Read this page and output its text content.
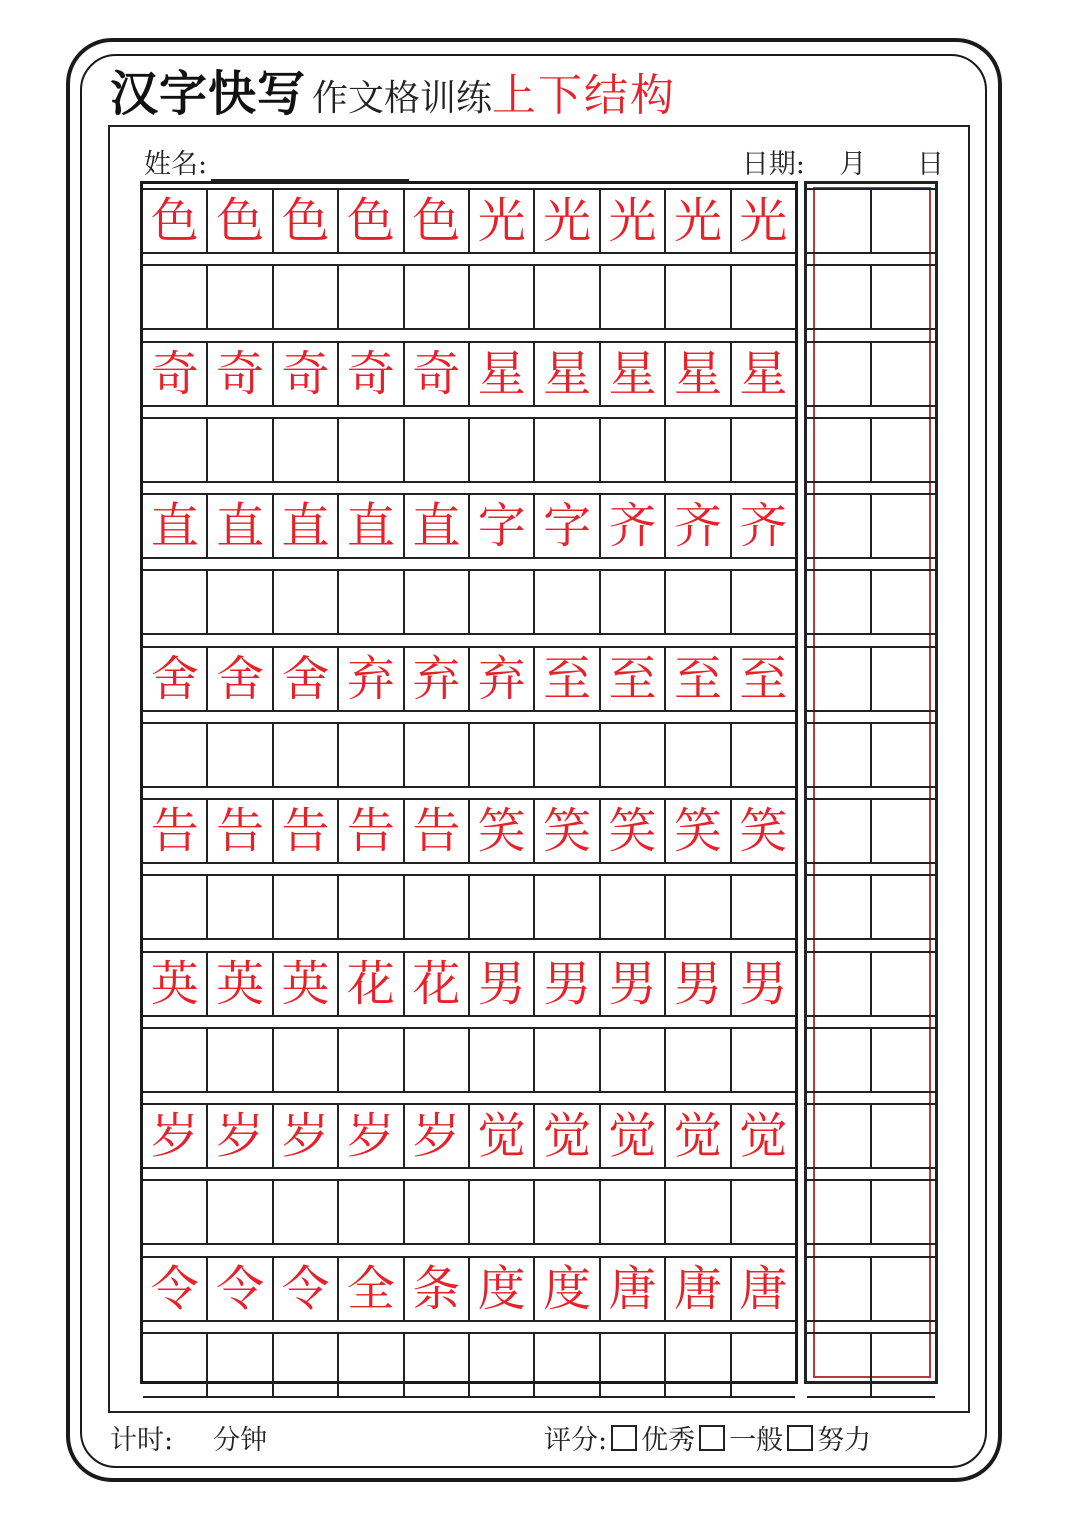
汉字快写 作文格训练 上下结构
姓名:	日期: 月 日
色 色 色 色 色 光 光 光 光 光
奇 奇 奇 奇 奇 星 星 星 星 星
直 直 直 直 直 字 字 齐 齐 齐
舍 舍 舍 弃 弃 弃 至 至 至 至
告 告 告 告 告 笑 笑 笑 笑 笑
英 英 英 花 花 男 男 男 男 男
岁 岁 岁 岁 岁 觉 觉 觉 觉 觉
令 令 令 全 条 度 度 唐 唐 唐
计时: 分钟	评分: 优秀 一般 努力
